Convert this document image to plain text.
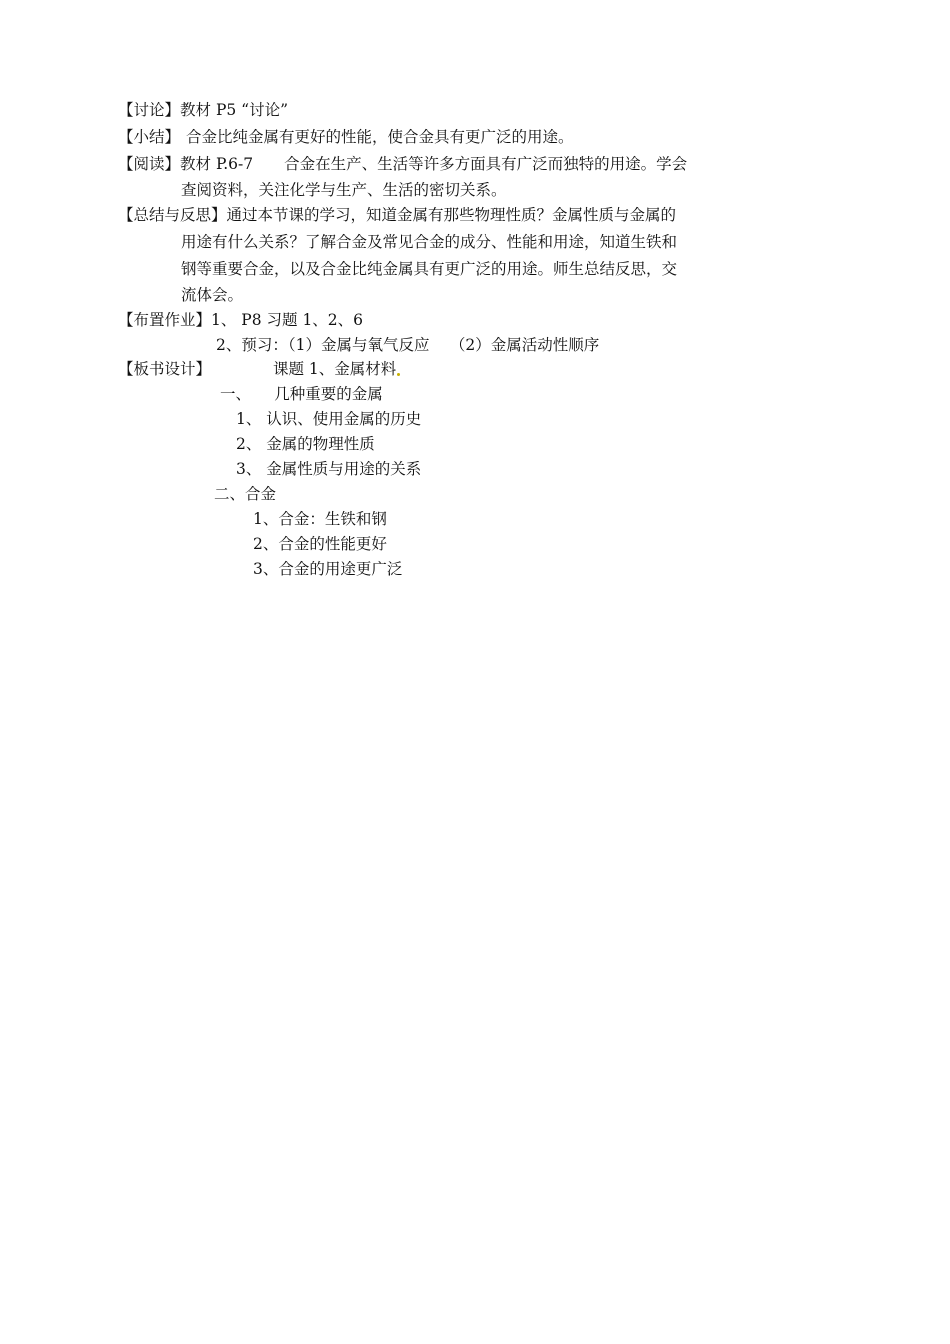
【讨论】教材 P5 “讨论”
【小结】 合金比纯金属有更好的性能，使合金具有更广泛的用途。
【阅读】教材 P.6-7　　合金在生产、生活等许多方面具有广泛而独特的用途。学会
查阅资料，关注化学与生产、生活的密切关系。
【总结与反思】通过本节课的学习，知道金属有那些物理性质？金属性质与金属的
用途有什么关系？了解合金及常见合金的成分、性能和用途，知道生铁和
钢等重要合金，以及合金比纯金属具有更广泛的用途。师生总结反思，交
流体会。
【布置作业】1、 P8 习题 1、2、6
2、预习：（1）金属与氧气反应　 （2）金属活动性顺序
【板书设计】	课题 1、金属材料
一、　　几种重要的金属
1、 认识、使用金属的历史
2、 金属的物理性质
3、 金属性质与用途的关系
二、合金
1、合金：生铁和钢
2、合金的性能更好
3、合金的用途更广泛
